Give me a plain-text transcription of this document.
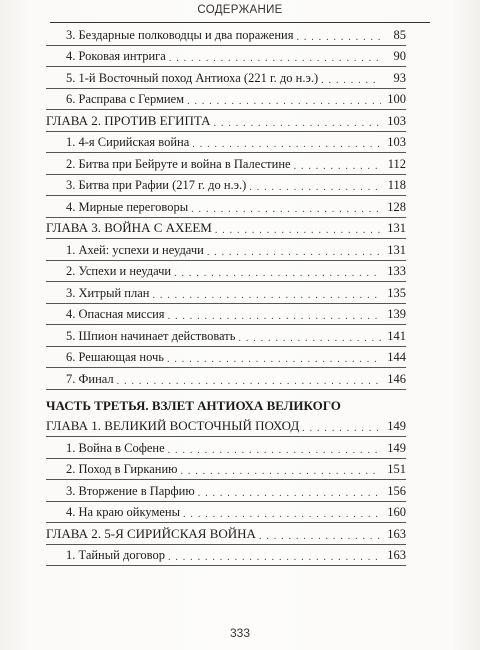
СОДЕРЖАНИЕ
3. Бездарные полководцы и два поражения . . .	85
4. Роковая интрига . . .	90
5. 1-й Восточный поход Антиоха (221 г. до н.э.) . . .	93
6. Расправа с Гермием . . .	100
ГЛАВА 2. ПРОТИВ ЕГИПТА . . .	103
1. 4-я Сирийская война . . .	103
2. Битва при Бейруте и война в Палестине . . .	112
3. Битва при Рафии (217 г. до н.э.) . . .	118
4. Мирные переговоры . . .	128
ГЛАВА 3. ВОЙНА С АХЕЕМ . . .	131
1. Ахей: успехи и неудачи . . .	131
2. Успехи и неудачи . . .	133
3. Хитрый план . . .	135
4. Опасная миссия . . .	139
5. Шпион начинает действовать . . .	141
6. Решающая ночь . . .	144
7. Финал . . .	146
ЧАСТЬ ТРЕТЬЯ. ВЗЛЕТ АНТИОХА ВЕЛИКОГО
ГЛАВА 1. ВЕЛИКИЙ ВОСТОЧНЫЙ ПОХОД . . .	149
1. Война в Софене . . .	149
2. Поход в Гирканию . . .	151
3. Вторжение в Парфию . . .	156
4. На краю ойкумены . . .	160
ГЛАВА 2. 5-Я СИРИЙСКАЯ ВОЙНА . . .	163
1. Тайный договор . . .	163
333
